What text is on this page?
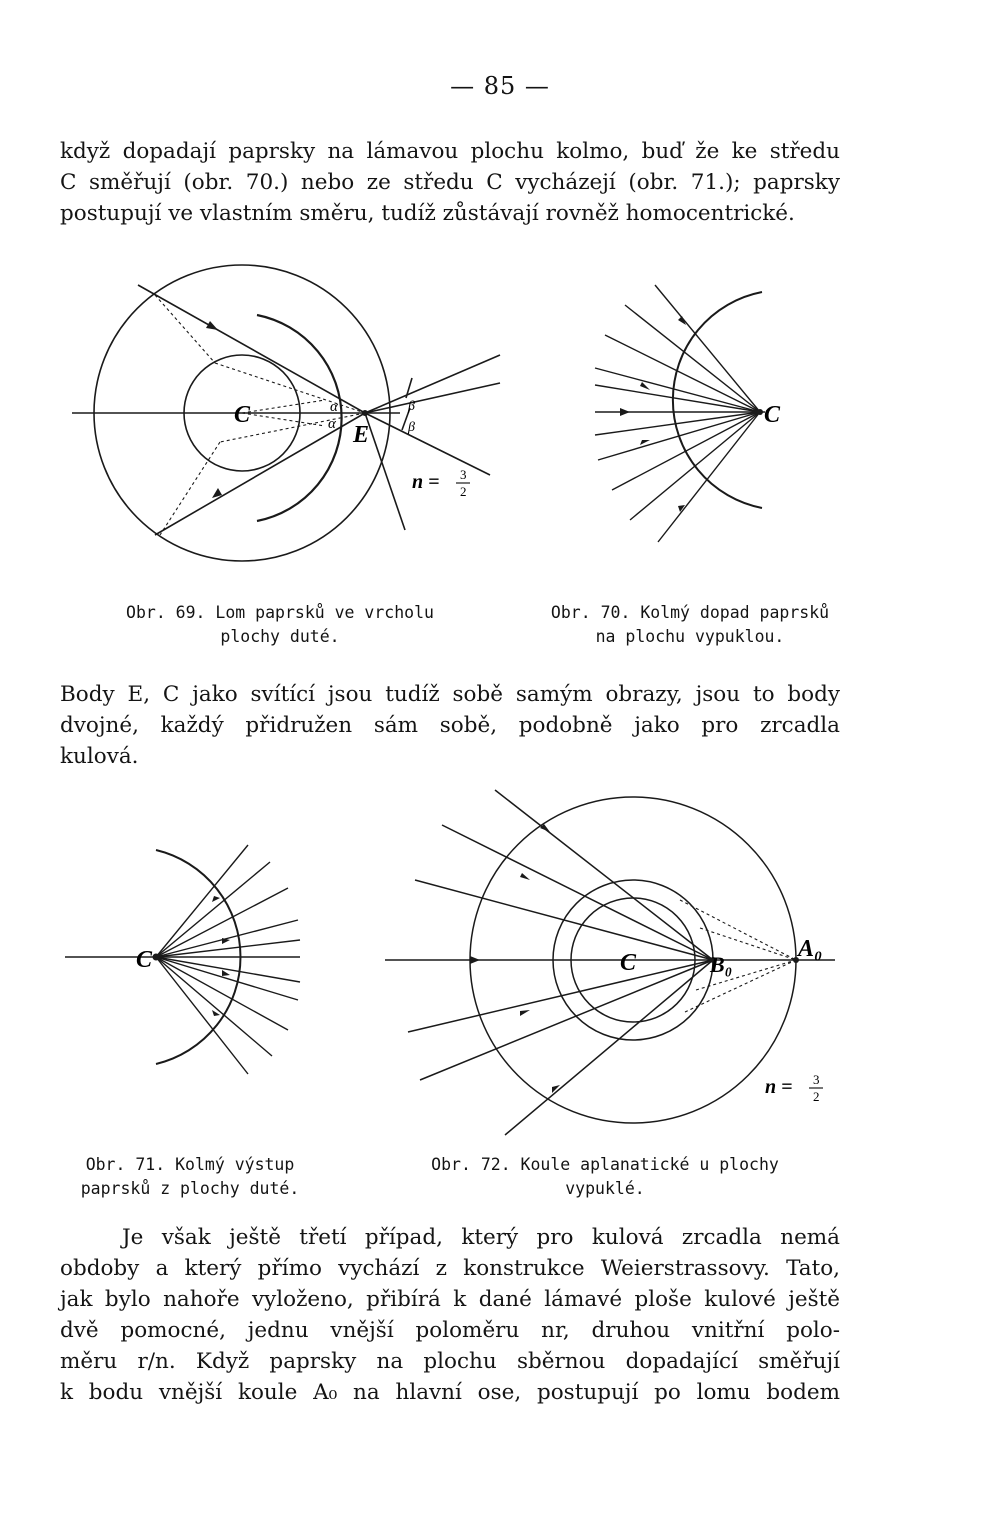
— 85 —

když dopadají paprsky na lámavou plochu kolmo, buď že ke středu
C směřují (obr. 70.) nebo ze středu C vycházejí (obr. 71.); paprsky
postupují ve vlastním směru, tudíž zůstávají rovněž homocentrické.

C
E
α
α
β
β
n = 3
2
Obr. 69. Lom paprsků ve vrcholu
plochy duté.
C
Obr. 70. Kolmý dopad paprsků
na plochu vypuklou.

Body E, C jako svítící jsou tudíž sobě samým obrazy, jsou to body
dvojné, každý přidružen sám sobě, podobně jako pro zrcadla
kulová.

C
Obr. 71. Kolmý výstup
paprsků z plochy duté.
C	B₀
A₀
n = 3
2
Obr. 72. Koule aplanatické u plochy
vypuklé.

Je však ještě třetí případ, který pro kulová zrcadla nemá
obdoby a který přímo vychází z konstrukce Weierstrassovy. Tato,
jak bylo nahoře vyloženo, přibírá k dané lámavé ploše kulové ještě
dvě pomocné, jednu vnější poloměru nr, druhou vnitřní polo-
měru r/n. Když paprsky na plochu sběrnou dopadající směřují
k bodu vnější koule A₀ na hlavní ose, postupují po lomu bodem
